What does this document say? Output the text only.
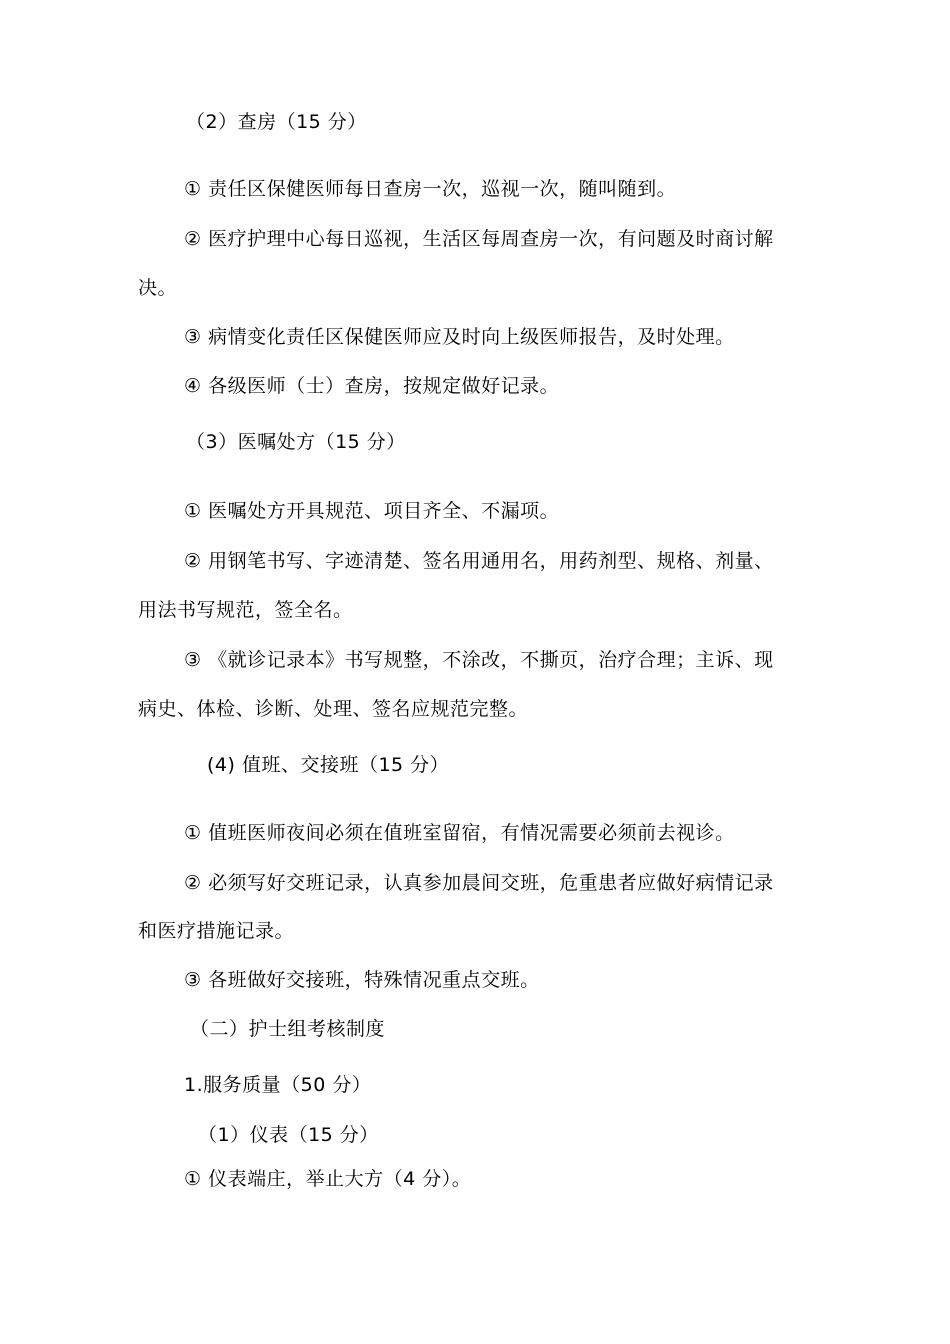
（2）查房（15 分）
① 责任区保健医师每日查房一次，巡视一次，随叫随到。
② 医疗护理中心每日巡视，生活区每周查房一次，有问题及时商讨解
决。
③ 病情变化责任区保健医师应及时向上级医师报告，及时处理。
④ 各级医师（士）查房，按规定做好记录。
（3）医嘱处方（15 分）
① 医嘱处方开具规范、项目齐全、不漏项。
② 用钢笔书写、字迹清楚、签名用通用名，用药剂型、规格、剂量、
用法书写规范，签全名。
③ 《就诊记录本》书写规整，不涂改，不撕页，治疗合理；主诉、现
病史、体检、诊断、处理、签名应规范完整。
(4) 值班、交接班（15 分）
① 值班医师夜间必须在值班室留宿，有情况需要必须前去视诊。
② 必须写好交班记录，认真参加晨间交班，危重患者应做好病情记录
和医疗措施记录。
③ 各班做好交接班，特殊情况重点交班。
（二）护士组考核制度
1.服务质量（50 分）
（1）仪表（15 分）
① 仪表端庄，举止大方（4 分）。
